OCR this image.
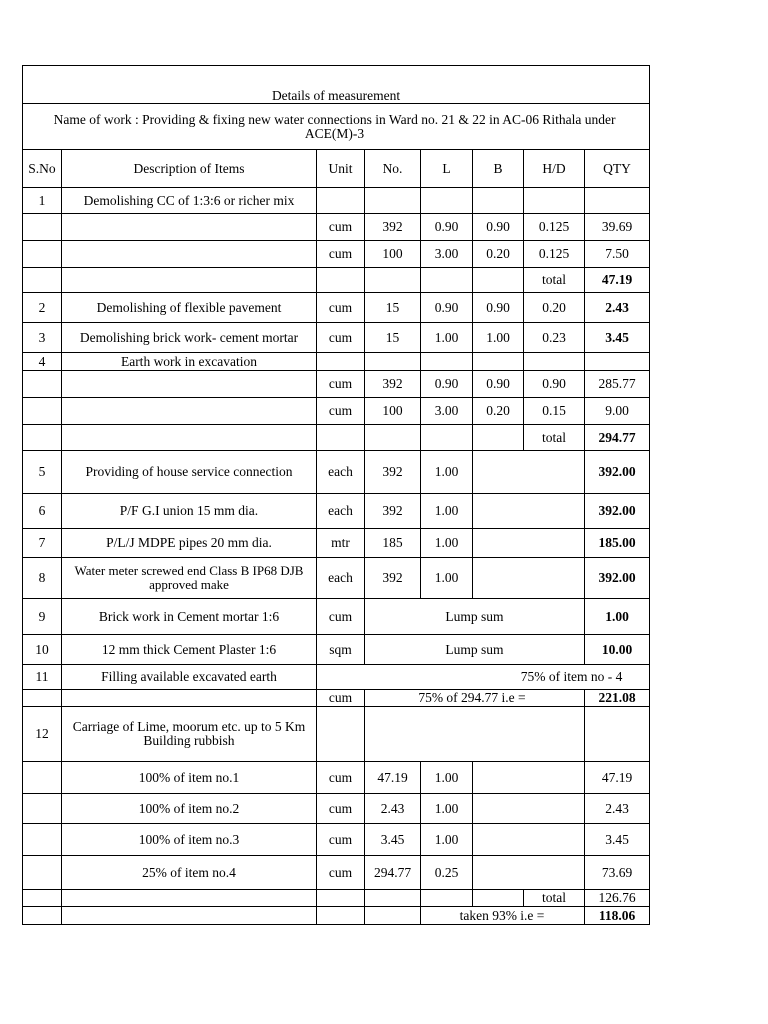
Details of measurement							
Name of work : Providing & fixing new water connections in Ward no. 21 & 22 in AC-06 Rithala under ACE(M)-3							
S.No	Description of Items	Unit	No.	L	B	H/D	QTY
1	Demolishing CC of 1:3:6 or richer mix						
		cum	392	0.90	0.90	0.125	39.69
		cum	100	3.00	0.20	0.125	7.50
						total	47.19
2	Demolishing of flexible pavement	cum	15	0.90	0.90	0.20	2.43
3	Demolishing brick work- cement mortar	cum	15	1.00	1.00	0.23	3.45
4	Earth work in excavation						
		cum	392	0.90	0.90	0.90	285.77
		cum	100	3.00	0.20	0.15	9.00
						total	294.77
5	Providing of house service connection	each	392	1.00			392.00
6	P/F G.I union 15 mm dia.	each	392	1.00			392.00
7	P/L/J MDPE pipes 20 mm dia.	mtr	185	1.00			185.00
8	Water meter screwed end Class B IP68 DJB approved make	each	392	1.00			392.00
9	Brick work in Cement mortar 1:6	cum	Lump sum				1.00
10	12 mm thick Cement Plaster 1:6	sqm	Lump sum				10.00
11	Filling available excavated earth	75% of item no - 4					
		cum	75% of 294.77 i.e =				221.08
12	Carriage of Lime, moorum etc. up to 5 Km Building rubbish						
	100% of item no.1	cum	47.19	1.00			47.19
	100% of item no.2	cum	2.43	1.00			2.43
	100% of item no.3	cum	3.45	1.00			3.45
	25% of item no.4	cum	294.77	0.25			73.69
						total	126.76
				taken 93% i.e =			118.06
